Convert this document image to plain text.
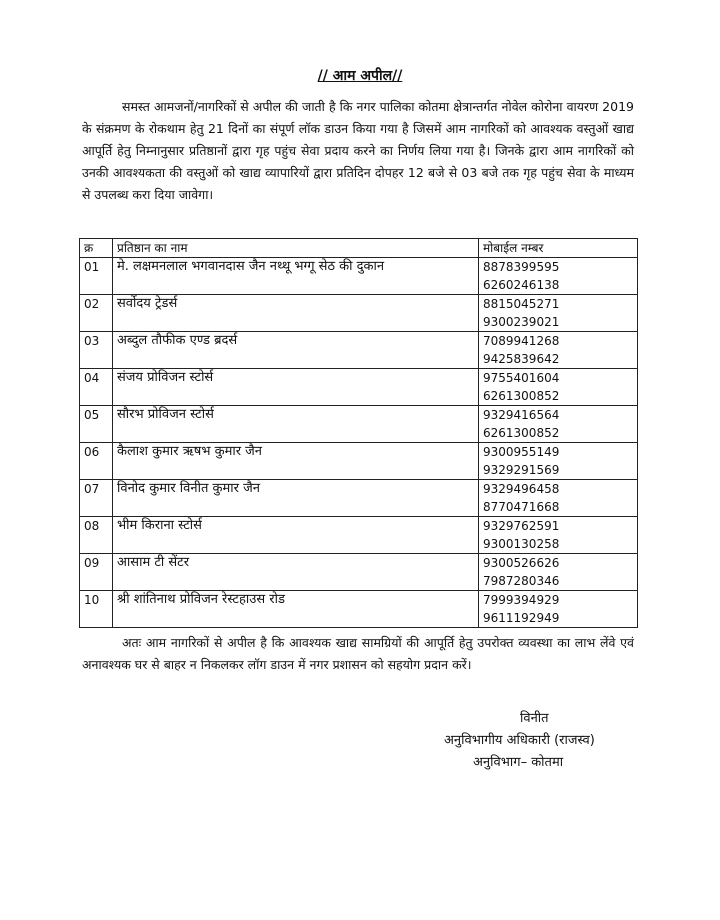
// आम अपील//

समस्त आमजनों/नागरिकों से अपील की जाती है कि नगर पालिका कोतमा क्षेत्रान्तर्गत नोवेल कोरोना वायरण 2019 के संक्रमण के रोकथाम हेतु 21 दिनों का संपूर्ण लॉक डाउन किया गया है जिसमें आम नागरिकों को आवश्यक वस्तुओं खाद्य आपूर्ति हेतु निम्नानुसार प्रतिष्ठानों द्वारा गृह पहुंच सेवा प्रदाय करने का निर्णय लिया गया है। जिनके द्वारा आम नागरिकों को उनकी आवश्यकता की वस्तुओं को खाद्य व्यापारियों द्वारा प्रतिदिन दोपहर 12 बजे से 03 बजे तक गृह पहुंच सेवा के माध्यम से उपलब्ध करा दिया जावेगा।

क्र	प्रतिष्ठान का नाम	मोबाईल नम्बर
01	मे. लक्षमनलाल भगवानदास जैन नथ्थू भग्गू सेठ की दुकान	8878399595
6260246138

02	सर्वोदय ट्रेडर्स	8815045271
9300239021

03	अब्दुल तौफीक एण्ड ब्रदर्स	7089941268
9425839642

04	संजय प्रोविजन स्टोर्स	9755401604
6261300852

05	सौरभ प्रोविजन स्टोर्स	9329416564
6261300852

06	कैलाश कुमार ऋषभ कुमार जैन	9300955149
9329291569

07	विनोद कुमार विनीत कुमार जैन	9329496458
8770471668

08	भीम किराना स्टोर्स	9329762591
9300130258

09	आसाम टी सेंटर	9300526626
7987280346

10	श्री शांतिनाथ प्रोविजन रेस्टहाउस रोड	7999394929
9611192949

अतः आम नागरिकों से अपील है कि आवश्यक खाद्य सामग्रियों की आपूर्ति हेतु उपरोक्त व्यवस्था का लाभ लेंवे एवं अनावश्यक घर से बाहर न निकलकर लॉग डाउन में नगर प्रशासन को सहयोग प्रदान करें।

विनीत
अनुविभागीय अधिकारी (राजस्व)
अनुविभाग– कोतमा
